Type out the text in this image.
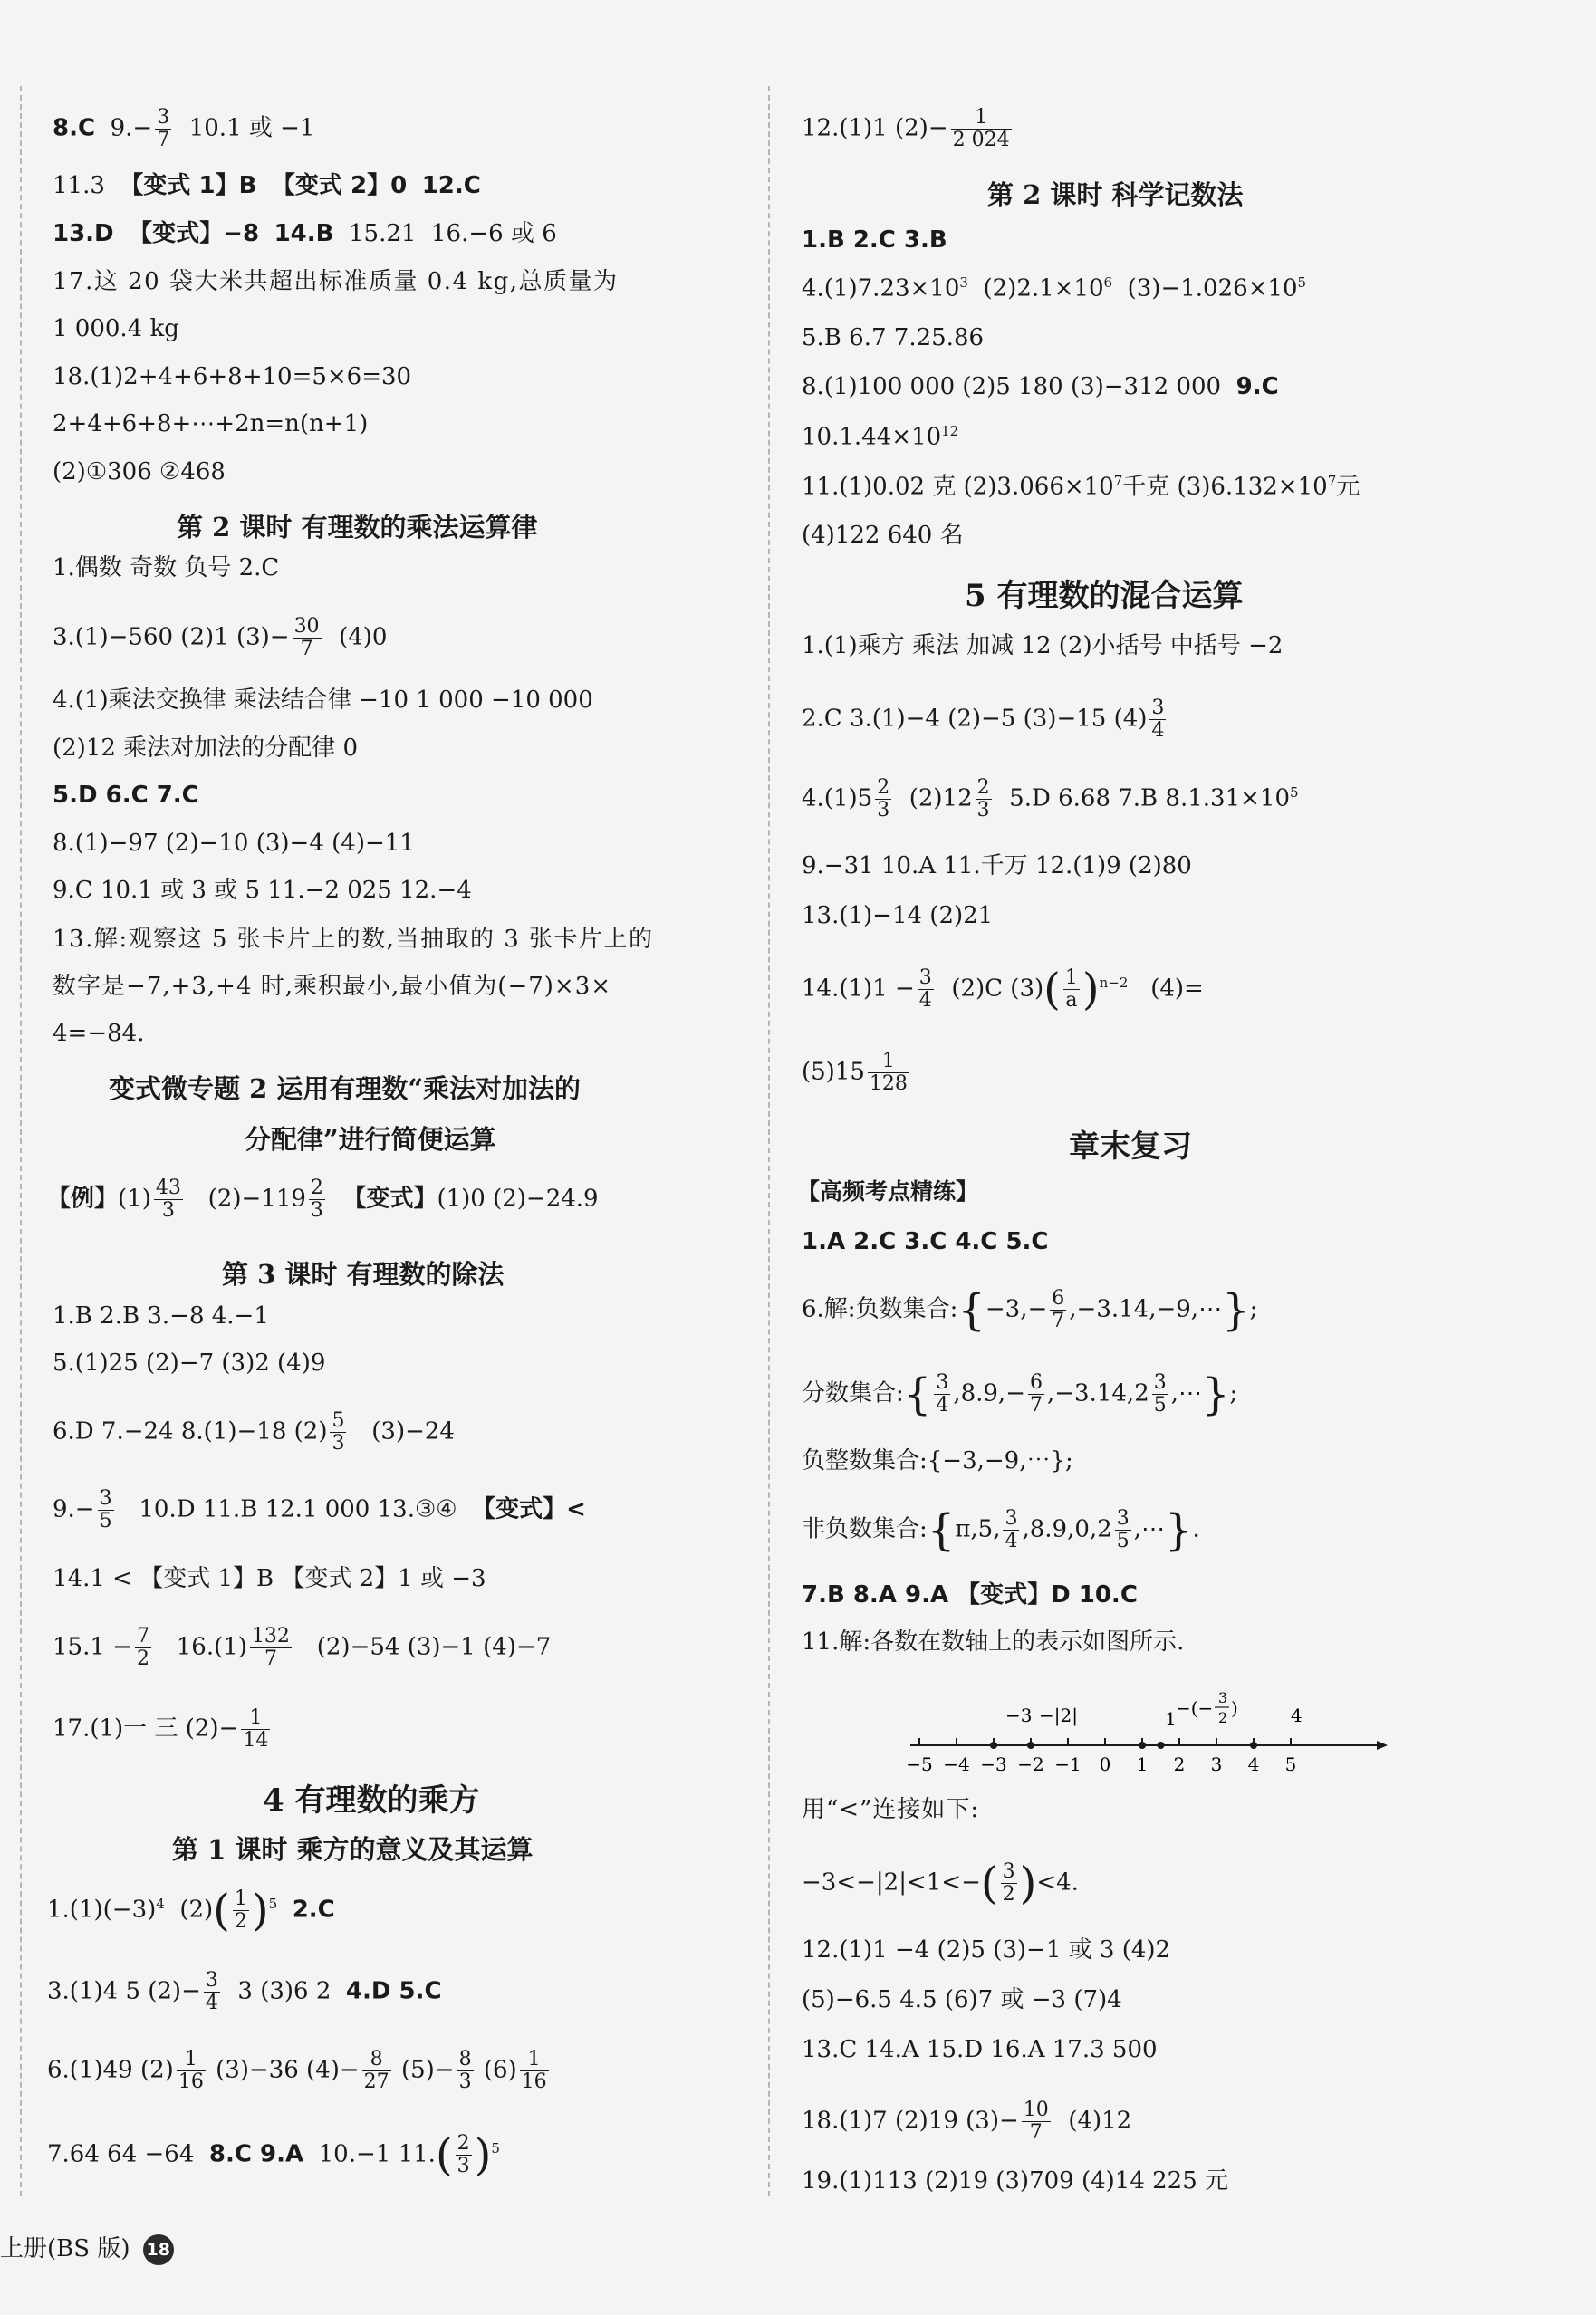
8.C $9.- \frac{3}{7} 10.1$ 或 −1
11.3 【变式 1】B 【变式 2】0 12.C
13.D 【变式】−8 14.B 15.21 16.−6 或 6
17.这 20 袋大米共超出标准质量 0.4 kg,总质量为
1 000.4 kg
18.(1)2+4+6+8+10=5×6=30
2+4+6+8+⋯+2n=n(n+1)
(2)①306 ②468
第 2 课时 有理数的乘法运算律
1.偶数 奇数 负号 2.C
3.(1)−560 (2)1 $(3)- \frac{30}{7} (4)0$
4.(1)乘法交换律 乘法结合律 −10 1 000 −10 000
(2)12 乘法对加法的分配律 0
5.D 6.C 7.C
8.(1)−97 (2)−10 (3)−4 (4)−11
9.C 10.1 或 3 或 5 11.−2 025 12.−4
13.解:观察这 5 张卡片上的数,当抽取的 3 张卡片上的
数字是−7,+3,+4 时,乘积最小,最小值为(−7)×3×
4=−84.
变式微专题 2 运用有理数“乘法对加法的
分配律”进行简便运算
【例】$(1) \frac{43}{3} (2)-119 \frac{2}{3}$ 【变式】(1)0 (2)−24.9
第 3 课时 有理数的除法
1.B 2.B 3.−8 4.−1
5.(1)25 (2)−7 (3)2 (4)9
6.D 7.−24 8.(1)−18 $(2) \frac{5}{3} (3)-24$
$9.- \frac{3}{5} 10.D$ 11.B 12.1 000 13.③④ 【变式】<
14.1 < 【变式 1】B 【变式 2】1 或 −3
$15.1 - \frac{7}{2} 16.(1) \frac{132}{7} (2)-54$ (3)−1 (4)−7
17.(1)一 三 $(2)- \frac{1}{14}$
4 有理数的乘方
第 1 课时 乘方的意义及其运算
$1.(1)(-3)^4$ $(2)( \frac{1}{2} )^5$ 2.C
3.(1)4 5 $(2)- \frac{3}{4} 3$ (3)6 2 4.D 5.C
6.(1)49 $(2) \frac{1}{16} (3)-36$ $(4)- \frac{8}{27} (5)- \frac{8}{3} (6) \frac{1}{16}$
7.64 64 −64 8.C 9.A 10.−1 $11.( \frac{2}{3} )^5$
12.(1)1 $(2)- \frac{1}{2 024}$
第 2 课时 科学记数法
1.B 2.C 3.B
$4.(1)7.23\times 10^3$ $(2)2.1\times 10^6$ $(3)-1.026\times 10^5$
5.B 6.7 7.25.86
8.(1)100 000 (2)5 180 (3)−312 000 9.C
$10.1.44\times 10^{12}$
11.(1)0.02 克 $(2)3.066\times 10^7$千克 $(3)6.132\times 10^7$元
(4)122 640 名
5 有理数的混合运算
1.(1)乘方 乘法 加减 12 (2)小括号 中括号 −2
2.C 3.(1)−4 (2)−5 (3)−15 $(4) \frac{3}{4}$
$4.(1)5 \frac{2}{3} (2)12 \frac{2}{3} 5.D$ 6.68 7.B $8.1.31\times 10^5$
9.−31 10.A 11.千万 12.(1)9 (2)80
13.(1)−14 (2)21
$14.(1)1 - \frac{3}{4} (2)C$ $(3)( \frac{1}{a} )^{n-2}$ (4)=
$(5)15 \frac{1}{128}$
章末复习
【高频考点精练】
1.A 2.C 3.C 4.C 5.C
6.解:负数集合:{−3,− $\frac{6}{7}$ ,−3.14,−9,⋯};
分数集合:{ $\frac{3}{4} ,8.9,- \frac{6}{7} ,-3.14,2 \frac{3}{5}$ ,⋯};
负整数集合:{−3,−9,⋯};
非负数集合:{π,5, $\frac{3}{4} ,8.9,0,2 \frac{3}{5}$ ,⋯}.
7.B 8.A 9.A 【变式】D 10.C
11.解:各数在数轴上的表示如图所示.
−5 −4 −3 −2 −1 0 1 2 3 4 5
−3 −|2|	1 −(− 3
2 )	4
用“<”连接如下:
$-3<-|2|<1<-( \frac{3}{2} )<4$.
12.(1)1 −4 (2)5 (3)−1 或 3 (4)2
(5)−6.5 4.5 (6)7 或 −3 (7)4
13.C 14.A 15.D 16.A 17.3 500
18.(1)7 (2)19 $(3)- \frac{10}{7} (4)12$
19.(1)113 (2)19 (3)709 (4)14 225 元
上册(BS 版) 18
